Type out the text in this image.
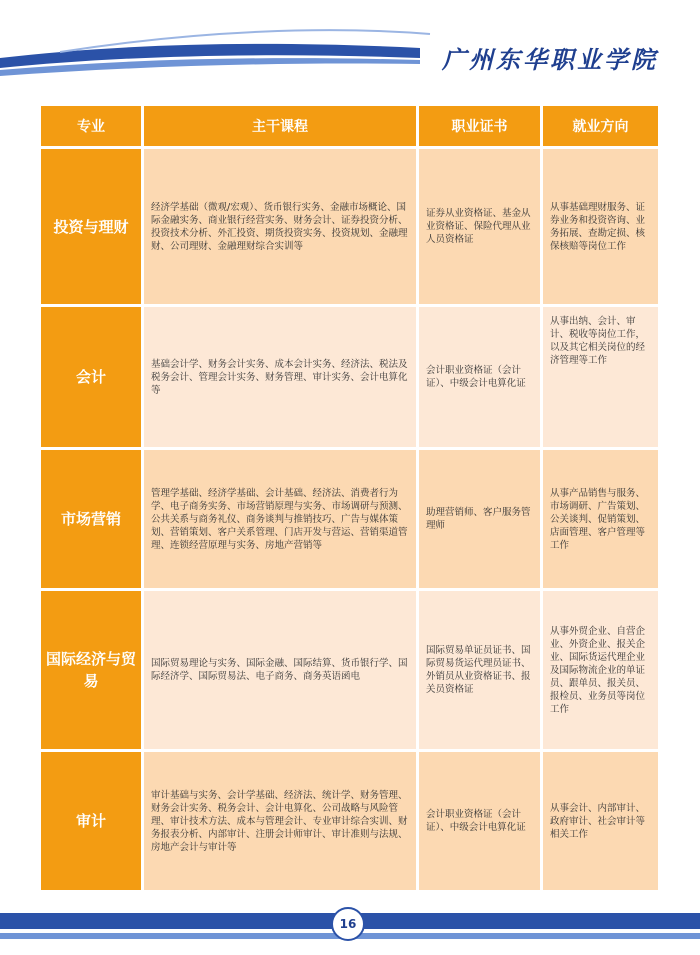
广州东华职业学院
专业	主干课程	职业证书	就业方向
投资与理财	经济学基础（微观/宏观）、货币银行实务、金融市场概论、国际金融实务、商业银行经营实务、财务会计、证券投资分析、投资技术分析、外汇投资、期货投资实务、投资规划、金融理财、公司理财、金融理财综合实训等	证券从业资格证、基金从业资格证、保险代理从业人员资格证	从事基础理财服务、证券业务和投资咨询、业务拓展、查勘定损、核保核赔等岗位工作
会计	基础会计学、财务会计实务、成本会计实务、经济法、税法及税务会计、管理会计实务、财务管理、审计实务、会计电算化等	会计职业资格证（会计证）、中级会计电算化证	从事出纳、会计、审计、税收等岗位工作，以及其它相关岗位的经济管理等工作
市场营销	管理学基础、经济学基础、会计基础、经济法、消费者行为学、电子商务实务、市场营销原理与实务、市场调研与预测、公共关系与商务礼仪、商务谈判与推销技巧、广告与媒体策划、营销策划、客户关系管理、门店开发与营运、营销渠道管理、连锁经营原理与实务、房地产营销等	助理营销师、客户服务管理师	从事产品销售与服务、市场调研、广告策划、公关谈判、促销策划、店面管理、客户管理等工作
国际经济与贸易	国际贸易理论与实务、国际金融、国际结算、货币银行学、国际经济学、国际贸易法、电子商务、商务英语函电	国际贸易单证员证书、国际贸易货运代理员证书、外销员从业资格证书、报关员资格证	从事外贸企业、自营企业、外资企业、报关企业、国际货运代理企业及国际物流企业的单证员、跟单员、报关员、报检员、业务员等岗位工作
审计	审计基础与实务、会计学基础、经济法、统计学、财务管理、财务会计实务、税务会计、会计电算化、公司战略与风险管理、审计技术方法、成本与管理会计、专业审计综合实训、财务报表分析、内部审计、注册会计师审计、审计准则与法规、房地产会计与审计等	会计职业资格证（会计证）、中级会计电算化证	从事会计、内部审计、政府审计、社会审计等相关工作
16
